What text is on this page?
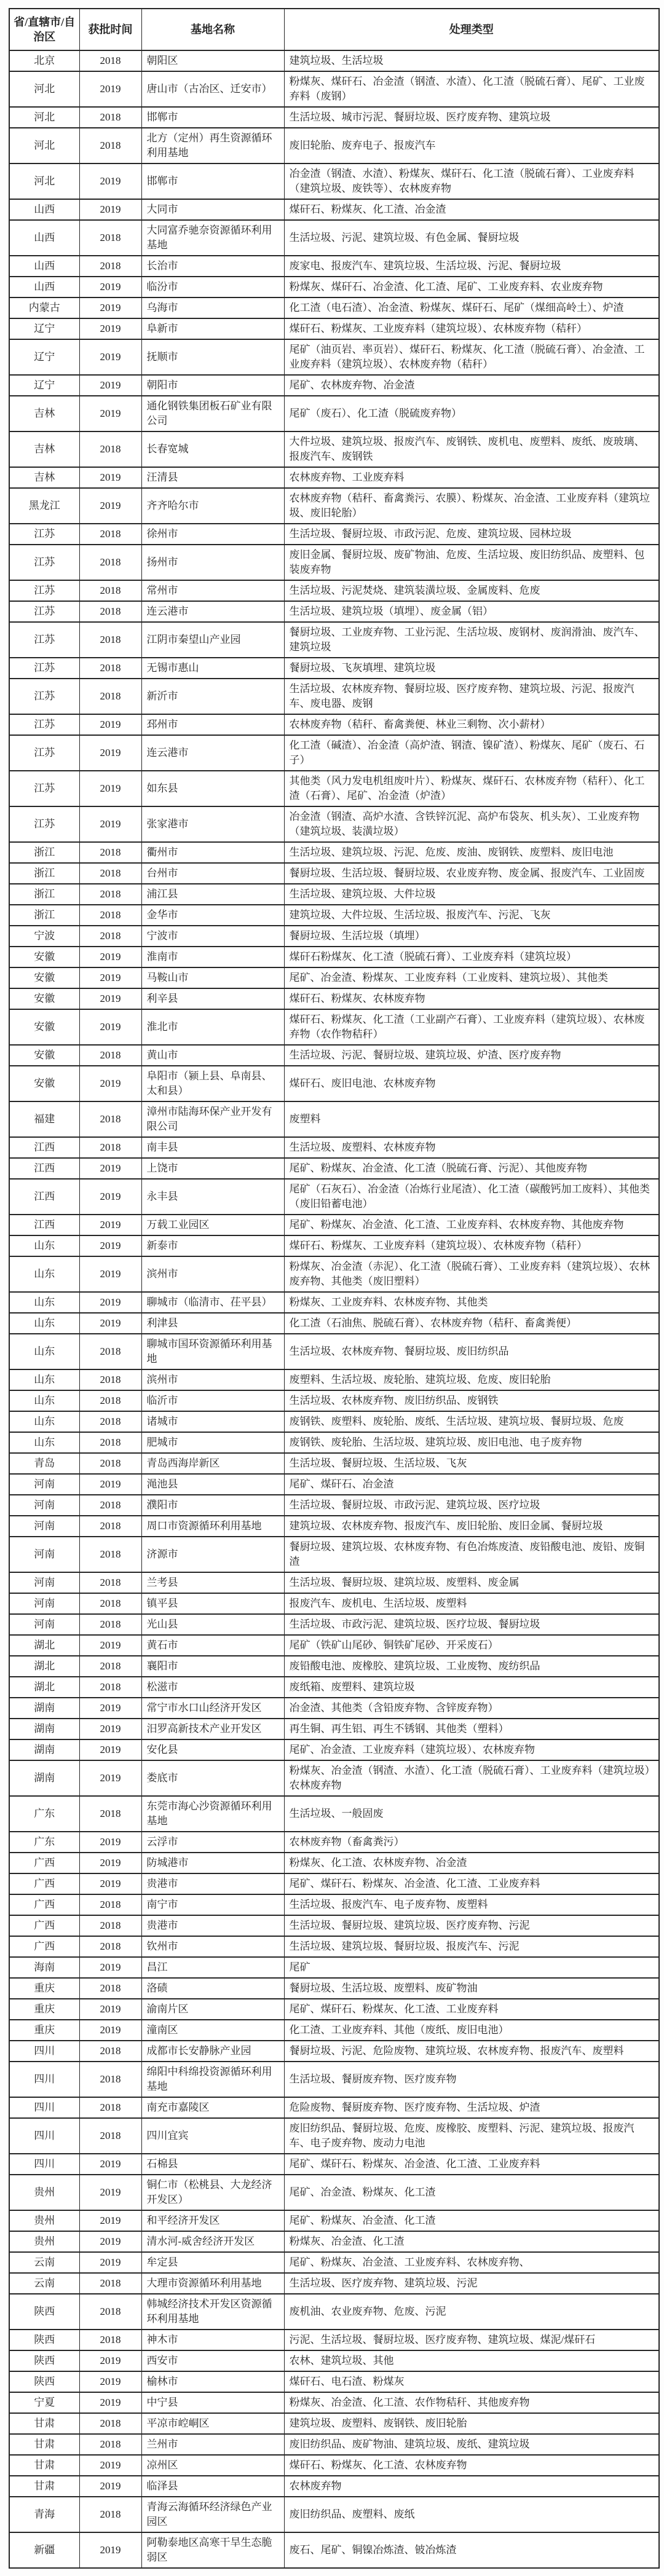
省/直辖市/自治区	获批时间	基地名称	处理类型
北京	2018	朝阳区	建筑垃圾、生活垃圾
河北	2019	唐山市（古冶区、迁安市）	粉煤灰、煤矸石、冶金渣（钢渣、水渣）、化工渣（脱硫石膏）、尾矿、工业废弃料（废钢）
河北	2018	邯郸市	生活垃圾、城市污泥、餐厨垃圾、医疗废弃物、建筑垃圾
河北	2018	北方（定州）再生资源循环利用基地	废旧轮胎、废弃电子、报废汽车
河北	2019	邯郸市	冶金渣（钢渣、水渣）、粉煤灰、煤矸石、化工渣（脱硫石膏）、工业废弃料（建筑垃圾、废铁等）、农林废弃物
山西	2019	大同市	煤矸石、粉煤灰、化工渣、冶金渣
山西	2018	大同富乔驰奈资源循环利用基地	生活垃圾、污泥、建筑垃圾、有色金属、餐厨垃圾
山西	2018	长治市	废家电、报废汽车、建筑垃圾、生活垃圾、污泥、餐厨垃圾
山西	2019	临汾市	粉煤灰、煤矸石、冶金渣、化工渣、尾矿、工业废弃料、农业废弃物
内蒙古	2019	乌海市	化工渣（电石渣）、冶金渣、粉煤灰、煤矸石、尾矿（煤细高岭土）、炉渣
辽宁	2019	阜新市	煤矸石、粉煤灰、工业废弃料（建筑垃圾）、农林废弃物（秸秆）
辽宁	2019	抚顺市	尾矿（油页岩、率页岩）、煤矸石、粉煤灰、化工渣（脱硫石膏）、冶金渣、工业废弃料（建筑垃圾）、农林废弃物（秸秆）
辽宁	2019	朝阳市	尾矿、农林废弃物、冶金渣
吉林	2019	通化钢铁集团板石矿业有限公司	尾矿（废石）、化工渣（脱硫废弃物）
吉林	2018	长春宽城	大件垃圾、建筑垃圾、报废汽车、废钢铁、废机电、废塑料、废纸、废玻璃、报废汽车、废钢铁
吉林	2019	汪清县	农林废弃物、工业废弃料
黑龙江	2019	齐齐哈尔市	农林废弃物（秸秆、畜禽粪污、农膜）、粉煤灰、冶金渣、工业废弃料（建筑垃圾、废旧轮胎）
江苏	2018	徐州市	生活垃圾、餐厨垃圾、市政污泥、危废、建筑垃圾、园林垃圾
江苏	2018	扬州市	废旧金属、餐厨垃圾、废矿物油、危废、生活垃圾、废旧纺织品、废塑料、包装废弃物
江苏	2018	常州市	生活垃圾、污泥焚烧、建筑装潢垃圾、金属废料、危废
江苏	2018	连云港市	生活垃圾、建筑垃圾（填埋）、废金属（铝）
江苏	2018	江阴市秦望山产业园	餐厨垃圾、工业废弃物、工业污泥、生活垃圾、废钢材、废润滑油、废汽车、建筑垃圾
江苏	2018	无锡市惠山	餐厨垃圾、飞灰填埋、建筑垃圾
江苏	2018	新沂市	生活垃圾、农林废弃物、餐厨垃圾、医疗废弃物、建筑垃圾、污泥、报废汽车、废电器、废钢
江苏	2019	邳州市	农林废弃物（秸秆、畜禽粪便、林业三剩物、次小薪材）
江苏	2019	连云港市	化工渣（碱渣）、冶金渣（高炉渣、钢渣、镍矿渣）、粉煤灰、尾矿（废石、石子）
江苏	2019	如东县	其他类（风力发电机组废叶片）、粉煤灰、煤矸石、农林废弃物（秸秆）、化工渣（石膏）、尾矿、冶金渣（炉渣）
江苏	2019	张家港市	冶金渣（钢渣、高炉水渣、含铁锌沉泥、高炉布袋灰、机头灰）、工业废弃物（建筑垃圾、装潢垃圾）
浙江	2018	衢州市	生活垃圾、建筑垃圾、污泥、危废、废油、废钢铁、废塑料、废旧电池
浙江	2018	台州市	餐厨垃圾、生活垃圾、餐厨垃圾、农业废弃物、废金属、报废汽车、工业固废
浙江	2018	浦江县	生活垃圾、建筑垃圾、大件垃圾
浙江	2018	金华市	建筑垃圾、大件垃圾、生活垃圾、报废汽车、污泥、飞灰
宁波	2018	宁波市	餐厨垃圾、生活垃圾（填埋）
安徽	2019	淮南市	煤矸石粉煤灰、化工渣（脱硫石膏）、工业废弃料（建筑垃圾）
安徽	2019	马鞍山市	尾矿、冶金渣、粉煤灰、工业废弃料（工业废料、建筑垃圾）、其他类
安徽	2019	利辛县	煤矸石、粉煤灰、农林废弃物
安徽	2019	淮北市	煤矸石、粉煤灰、化工渣（工业副产石膏）、工业废弃料（建筑垃圾）、农林废弃物（农作物秸秆）
安徽	2018	黄山市	生活垃圾、污泥、餐厨垃圾、建筑垃圾、炉渣、医疗废弃物
安徽	2019	阜阳市（颍上县、阜南县、太和县）	煤矸石、废旧电池、农林废弃物
福建	2018	漳州市陆海环保产业开发有限公司	废塑料
江西	2018	南丰县	生活垃圾、废塑料、农林废弃物
江西	2019	上饶市	尾矿、粉煤灰、冶金渣、化工渣（脱硫石膏、污泥）、其他废弃物
江西	2019	永丰县	尾矿（石灰石）、冶金渣（冶炼行业尾渣）、化工渣（碳酸钙加工废料）、其他类（废旧铅蓄电池）
江西	2019	万载工业园区	尾矿、粉煤灰、冶金渣、化工渣、工业废弃料、农林废弃物、其他废弃物
山东	2019	新泰市	煤矸石、粉煤灰、工业废弃料（建筑垃圾）、农林废弃物（秸秆）
山东	2019	滨州市	粉煤灰、冶金渣（赤泥）、化工渣（脱硫石膏）、工业废弃料（建筑垃圾）、农林废弃物、其他类（废旧塑料）
山东	2019	聊城市（临清市、茌平县）	粉煤灰、工业废弃料、农林废弃物、其他类
山东	2019	利津县	化工渣（石油焦、脱硫石膏）、农林废弃物（秸秆、畜禽粪便）
山东	2018	聊城市国环资源循环利用基地	生活垃圾、农林废弃物、餐厨垃圾、废旧纺织品
山东	2018	滨州市	废塑料、生活垃圾、废轮胎、建筑垃圾、危废、废旧轮胎
山东	2018	临沂市	生活垃圾、农林废弃物、废旧纺织品、废钢铁
山东	2018	诸城市	废钢铁、废塑料、废轮胎、废纸、生活垃圾、建筑垃圾、餐厨垃圾、危废
山东	2018	肥城市	废钢铁、废轮胎、生活垃圾、建筑垃圾、废旧电池、电子废弃物
青岛	2018	青岛西海岸新区	生活垃圾、餐厨垃圾、生活垃圾、飞灰
河南	2019	渑池县	尾矿、煤矸石、冶金渣
河南	2018	濮阳市	生活垃圾、餐厨垃圾、市政污泥、建筑垃圾、医疗垃圾
河南	2018	周口市资源循环利用基地	建筑垃圾、农林废弃物、报废汽车、废旧轮胎、废旧金属、餐厨垃圾
河南	2018	济源市	餐厨垃圾、建筑垃圾、农林废弃物、有色冶炼废渣、废铅酸电池、废铅、废铜渣
河南	2018	兰考县	生活垃圾、餐厨垃圾、建筑垃圾、废塑料、废金属
河南	2018	镇平县	报废汽车、废机电、生活垃圾、废塑料
河南	2018	光山县	生活垃圾、市政污泥、建筑垃圾、医疗垃圾、餐厨垃圾
湖北	2019	黄石市	尾矿（铁矿山尾砂、铜铁矿尾砂、开采废石）
湖北	2018	襄阳市	废铅酸电池、废橡胶、建筑垃圾、工业废物、废纺织品
湖北	2018	松滋市	废纸箱、废塑料、建筑垃圾
湖南	2019	常宁市水口山经济开发区	冶金渣、其他类（含铅废弃物、含锌废弃物）
湖南	2019	汨罗高新技术产业开发区	再生铜、再生铝、再生不锈钢、其他类（塑料）
湖南	2019	安化县	尾矿、冶金渣、工业废弃料（建筑垃圾）、农林废弃物
湖南	2019	娄底市	粉煤灰、冶金渣（钢渣、水渣）、化工渣（脱硫石膏）、工业废弃料（建筑垃圾）农林废弃物
广东	2018	东莞市海心沙资源循环利用基地	生活垃圾、一般固废
广东	2019	云浮市	农林废弃物（畜禽粪污）
广西	2019	防城港市	粉煤灰、化工渣、农林废弃物、冶金渣
广西	2019	贵港市	尾矿、煤矸石、粉煤灰、冶金渣、化工渣、工业废弃料
广西	2018	南宁市	生活垃圾、报废汽车、电子废弃物、废塑料
广西	2018	贵港市	生活垃圾、餐厨垃圾、建筑垃圾、医疗废弃物、污泥
广西	2018	钦州市	生活垃圾、建筑垃圾、餐厨垃圾、报废汽车、污泥
海南	2019	昌江	尾矿
重庆	2018	洛碛	餐厨垃圾、生活垃圾、废塑料、废矿物油
重庆	2019	渝南片区	尾矿、煤矸石、粉煤灰、化工渣、工业废弃料
重庆	2019	潼南区	化工渣、工业废弃料、其他（废纸、废旧电池）
四川	2018	成都市长安静脉产业园	餐厨垃圾、污泥、危险废物、建筑垃圾、农林废弃物、报废汽车、废塑料
四川	2018	绵阳中科绵投资源循环利用基地	生活垃圾、餐厨废弃物、医疗废弃物
四川	2018	南充市嘉陵区	危险废物、餐厨废弃物、医疗废弃物、生活垃圾、炉渣
四川	2018	四川宜宾	废旧纺织品、餐厨垃圾、危废、废橡胶、废塑料、污泥、建筑垃圾、报废汽车、电子废弃物、废动力电池
四川	2019	石棉县	尾矿、煤矸石、粉煤灰、冶金渣、化工渣、工业废弃料
贵州	2019	铜仁市（松桃县、大龙经济开发区）	尾矿、冶金渣、粉煤灰、化工渣
贵州	2019	和平经济开发区	尾矿、粉煤灰、冶金渣、化工渣
贵州	2019	清水河-威舍经济开发区	粉煤灰、冶金渣、化工渣
云南	2019	牟定县	尾矿、粉煤灰、冶金渣、工业废弃料、农林废弃物、
云南	2018	大理市资源循环利用基地	生活垃圾、医疗废弃物、建筑垃圾、污泥
陕西	2018	韩城经济技术开发区资源循环利用基地	废机油、农业废弃物、危废、污泥
陕西	2018	神木市	污泥、生活垃圾、餐厨垃圾、医疗废弃物、建筑垃圾、煤泥/煤矸石
陕西	2019	西安市	农林、建筑垃圾、其他
陕西	2019	榆林市	煤矸石、电石渣、粉煤灰
宁夏	2019	中宁县	粉煤灰、冶金渣、化工渣、农作物秸秆、其他废弃物
甘肃	2018	平凉市崆峒区	建筑垃圾、废塑料、废钢铁、废旧轮胎
甘肃	2018	兰州市	废旧纺织品、废矿物油、建筑垃圾、废纸、建筑垃圾
甘肃	2019	凉州区	煤矸石、粉煤灰、化工渣、农林废弃物
甘肃	2019	临泽县	农林废弃物
青海	2018	青海云海循环经济绿色产业园区	废旧纺织品、废塑料、废纸
新疆	2019	阿勒泰地区高寒干旱生态脆弱区	废石、尾矿、铜镍冶炼渣、铍冶炼渣
